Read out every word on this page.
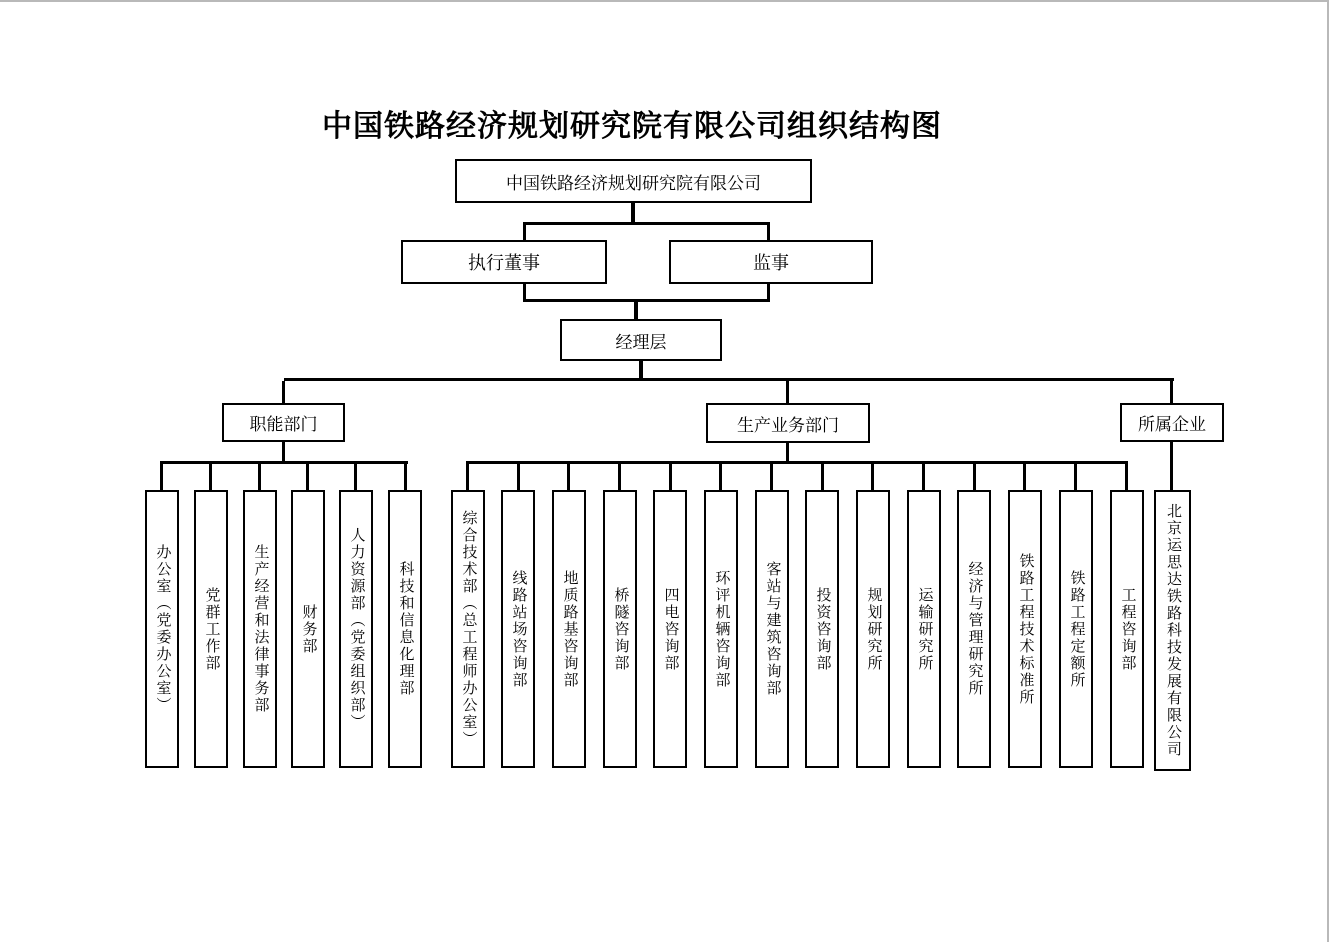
中国铁路经济规划研究院有限公司组织结构图
中国铁路经济规划研究院有限公司
执行董事	监事
经理层
职能部门	生产业务部门	所属企业
办公室（党委办公室） 党群工作部 生产经营和法律事务部 财务部 人力资源部（党委组织部） 科技和信息化理部	综合技术部（总工程师办公室） 线路站场咨询部 地质路基咨询部 桥隧咨询部 四电咨询部 环评机辆咨询部 客站与建筑咨询部 投资咨询部 规划研究所 运输研究所 经济与管理研究所 铁路工程技术标准所 铁路工程定额所 工程咨询部 北京运思达铁路科技发展有限公司
